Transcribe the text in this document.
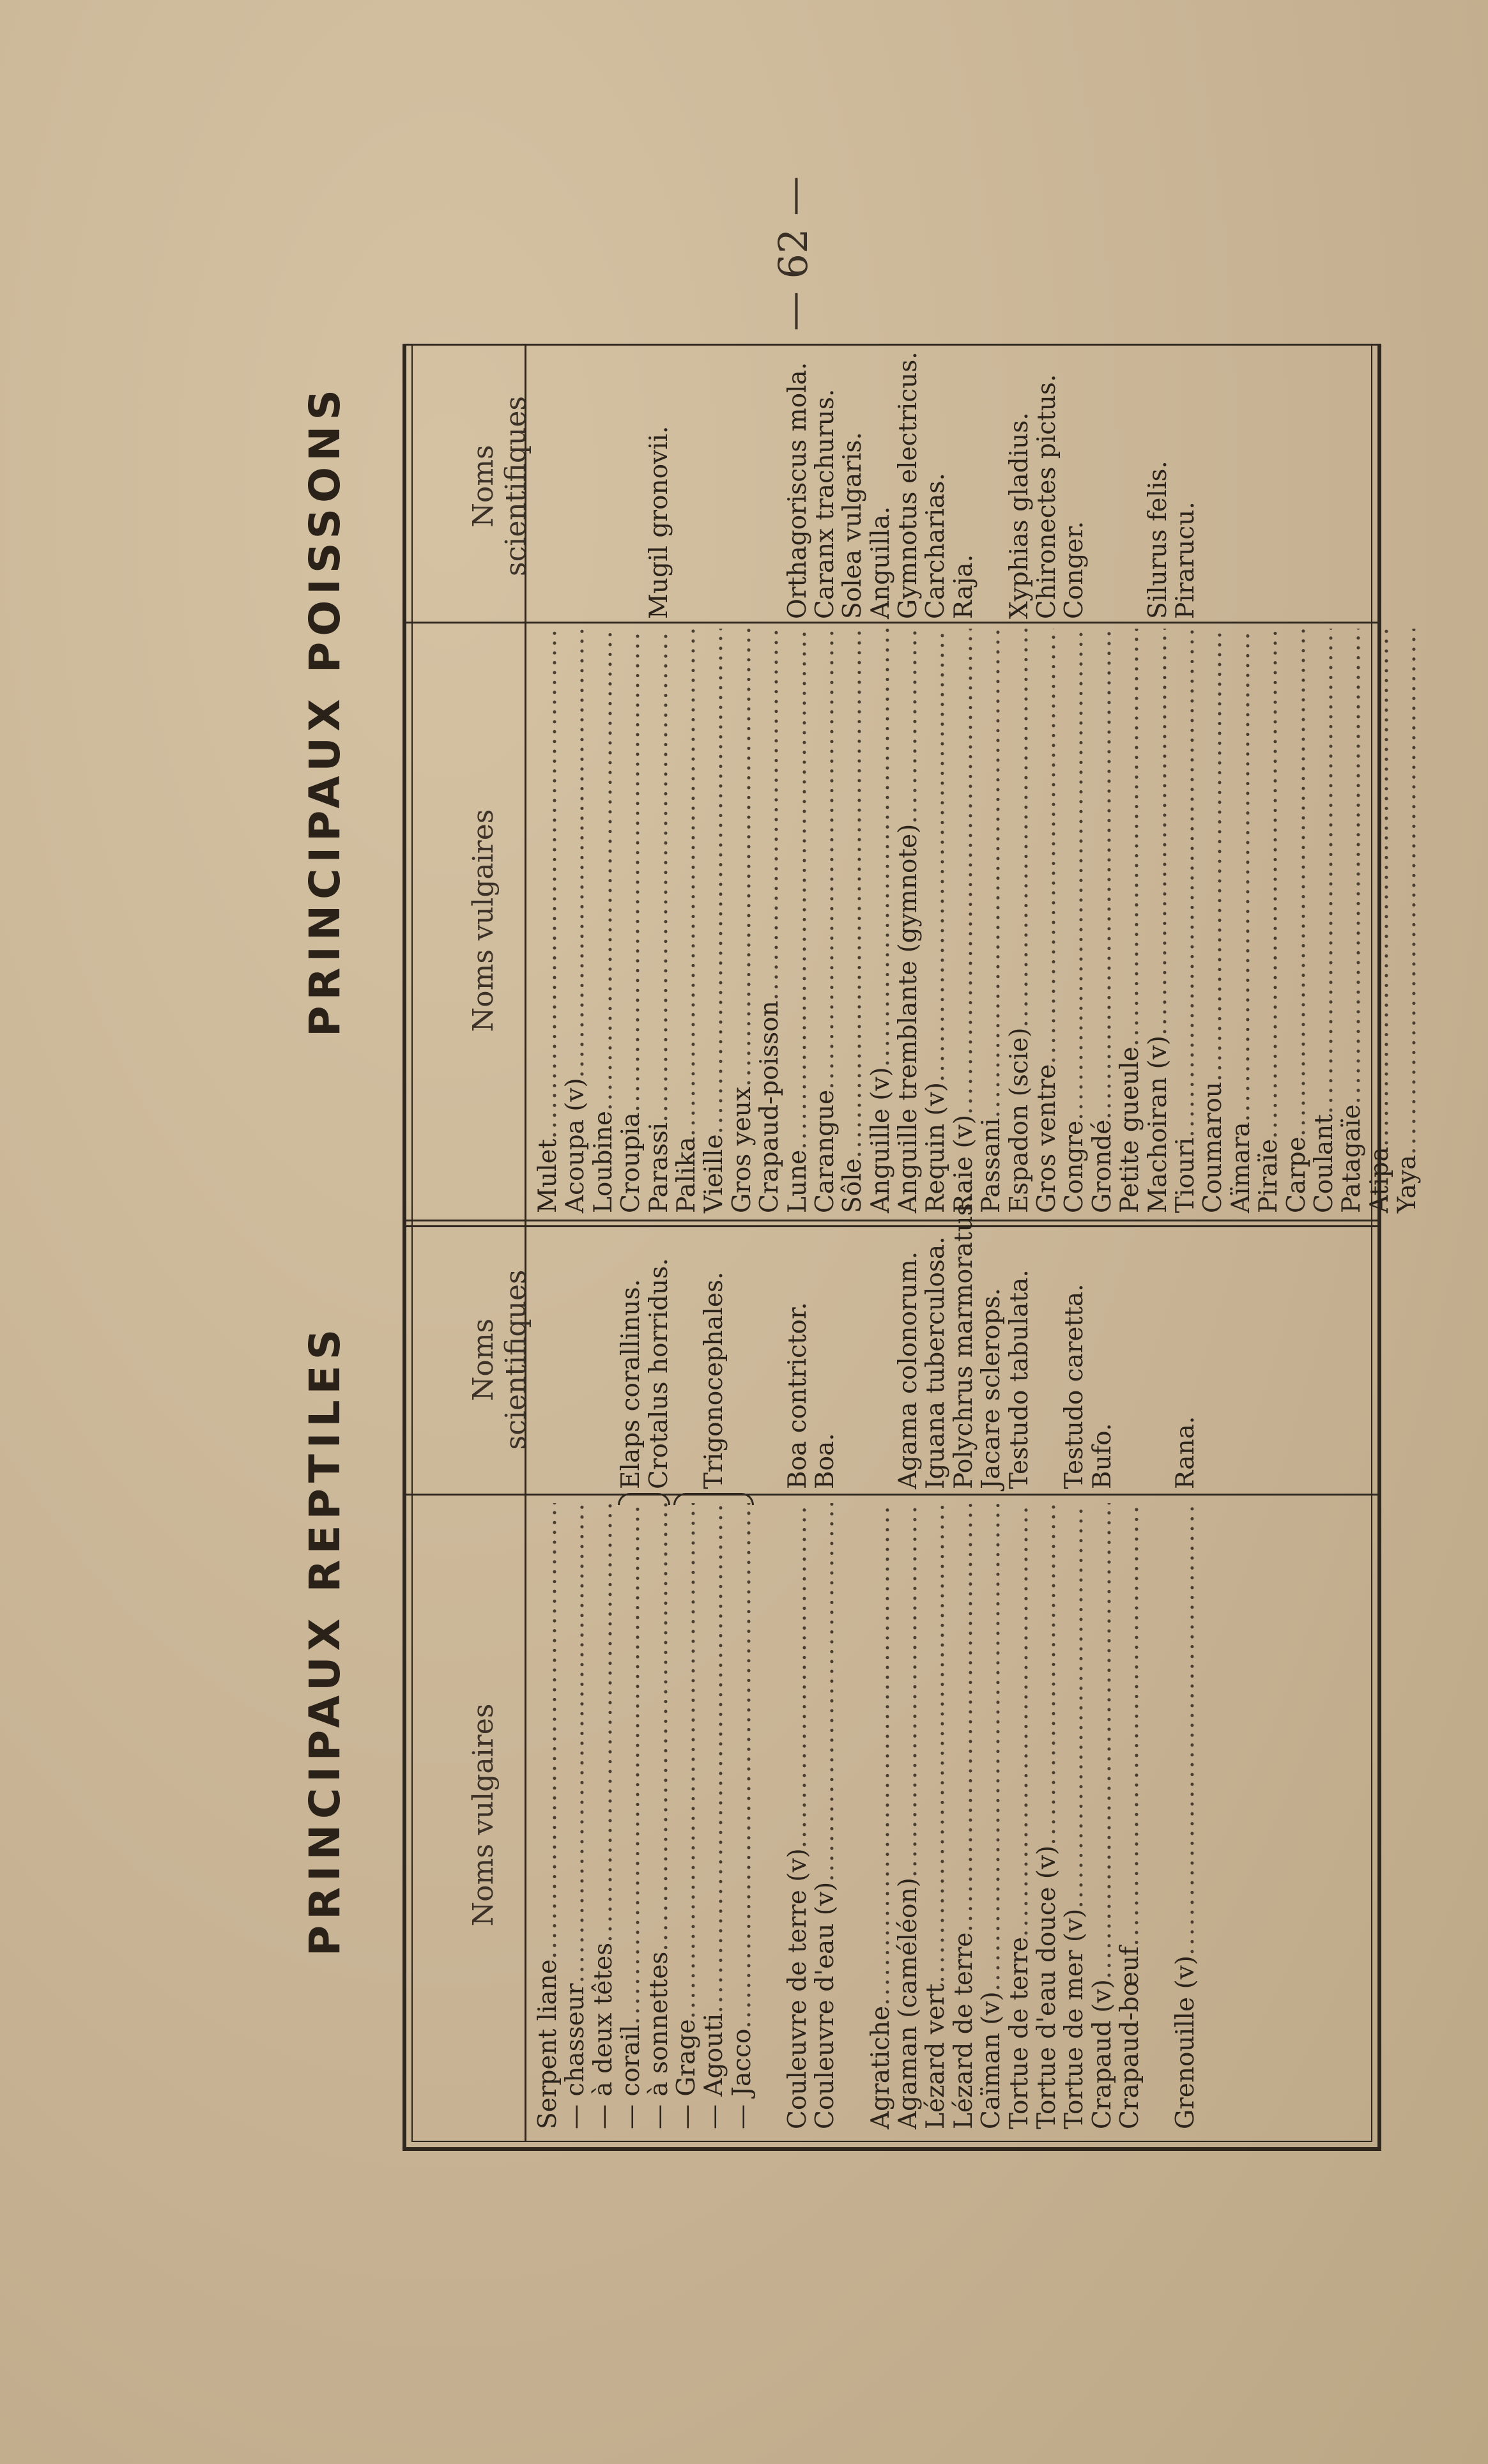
— 62 —
PRINCIPAUX REPTILES
PRINCIPAUX POISSONS
Noms vulgaires
Noms scientifiques
Noms vulgaires
Noms scientifiques
Serpent liane
.....
— chasseur
.....
— à deux têtes
.....
— corail
.....
— à sonnettes
.....
— Grage
.....
— Agouti
.....
— Jacco
..... Couleuvre de terre (v)
.....
Couleuvre d'eau (v)
..... Agratiche
.....
Agaman (caméléon)
.....
Lézard vert
.....
Lézard de terre
.....
Caïman (v)
.....
Tortue de terre
.....
Tortue d'eau douce (v)
.....
Tortue de mer (v)
.....
Crapaud (v)
.....
Crapaud-bœuf
..... Grenouille (v)
.....
Elaps corallinus.
Crotalus horridus. Trigonocephales. Boa contrictor.
Boa. Agama colonorum.
Iguana tuberculosa.
Polychrus marmoratus.
Jacare sclerops.
Testudo tabulata. Testudo caretta.
Bufo. Rana.
Mulet
.....
Acoupa (v)
.....
Loubine
.....
Croupia
.....
Parassi
.....
Palika
.....
Vieille
.....
Gros yeux
.....
Crapaud-poisson
.....
Lune
.....
Carangue
.....
Sôle
.....
Anguille (v)
.....
Anguille tremblante (gymnote)
.....
Requin (v)
.....
Raie (v)
.....
Passani
.....
Espadon (scie)
.....
Gros ventre
.....
Congre
.....
Grondé
.....
Petite gueule
.....
Machoiran (v)
.....
Tiouri
.....
Coumarou
.....
Aïmara
.....
Piraïe
.....
Carpe
.....
Coulant
.....
Patagaïe
.....
Atipa
.....
Yaya
.....
Mugil gronovii.	Orthagoriscus mola.
Caranx trachurus.
Solea vulgaris.
Anguilla.
Gymnotus electricus.
Carcharias.
Raja. Xyphias gladius.
Chironectes pictus.
Conger. Silurus felis.
Pirarucu.
